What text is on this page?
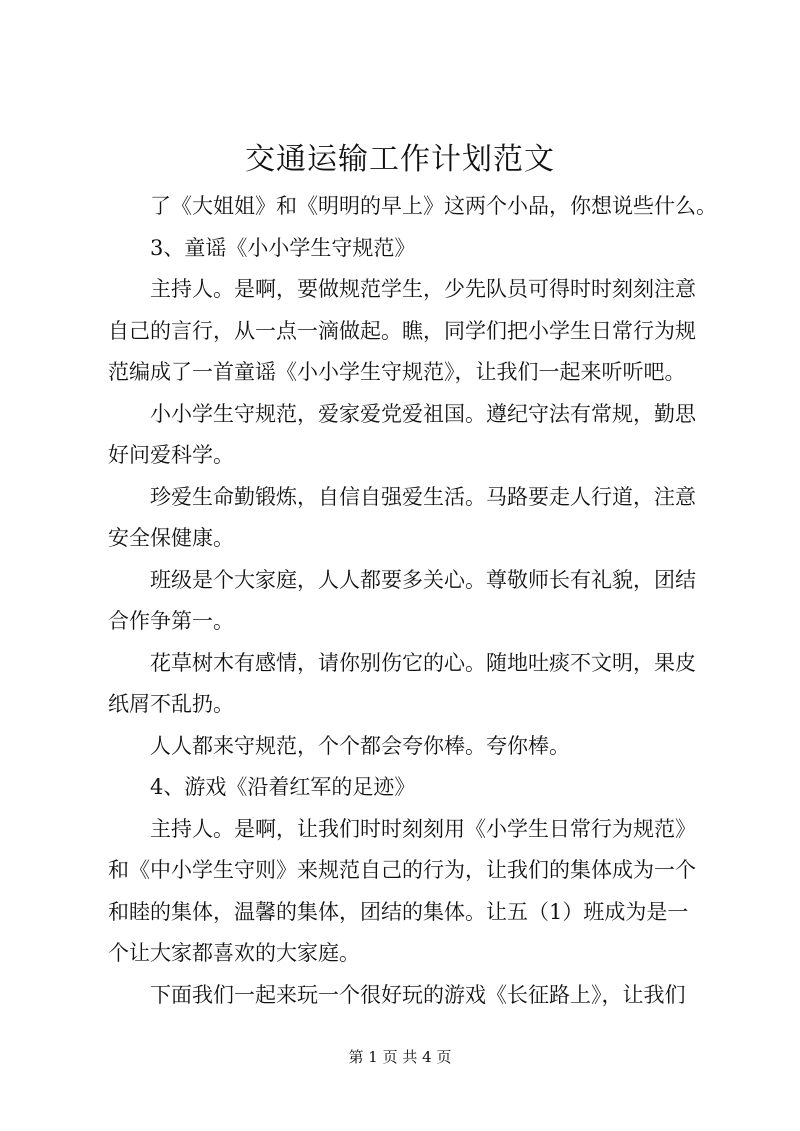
交通运输工作计划范文
了《大姐姐》和《明明的早上》这两个小品，你想说些什么。
3、童谣《小小学生守规范》
主持人。是啊，要做规范学生，少先队员可得时时刻刻注意
自己的言行，从一点一滴做起。瞧，同学们把小学生日常行为规
范编成了一首童谣《小小学生守规范》，让我们一起来听听吧。
小小学生守规范，爱家爱党爱祖国。遵纪守法有常规，勤思
好问爱科学。
珍爱生命勤锻炼，自信自强爱生活。马路要走人行道，注意
安全保健康。
班级是个大家庭，人人都要多关心。尊敬师长有礼貌，团结
合作争第一。
花草树木有感情，请你别伤它的心。随地吐痰不文明，果皮
纸屑不乱扔。
人人都来守规范，个个都会夸你棒。夸你棒。
4、游戏《沿着红军的足迹》
主持人。是啊，让我们时时刻刻用《小学生日常行为规范》
和《中小学生守则》来规范自己的行为，让我们的集体成为一个
和睦的集体，温馨的集体，团结的集体。让五（1）班成为是一
个让大家都喜欢的大家庭。
下面我们一起来玩一个很好玩的游戏《长征路上》，让我们
第 1 页 共 4 页
